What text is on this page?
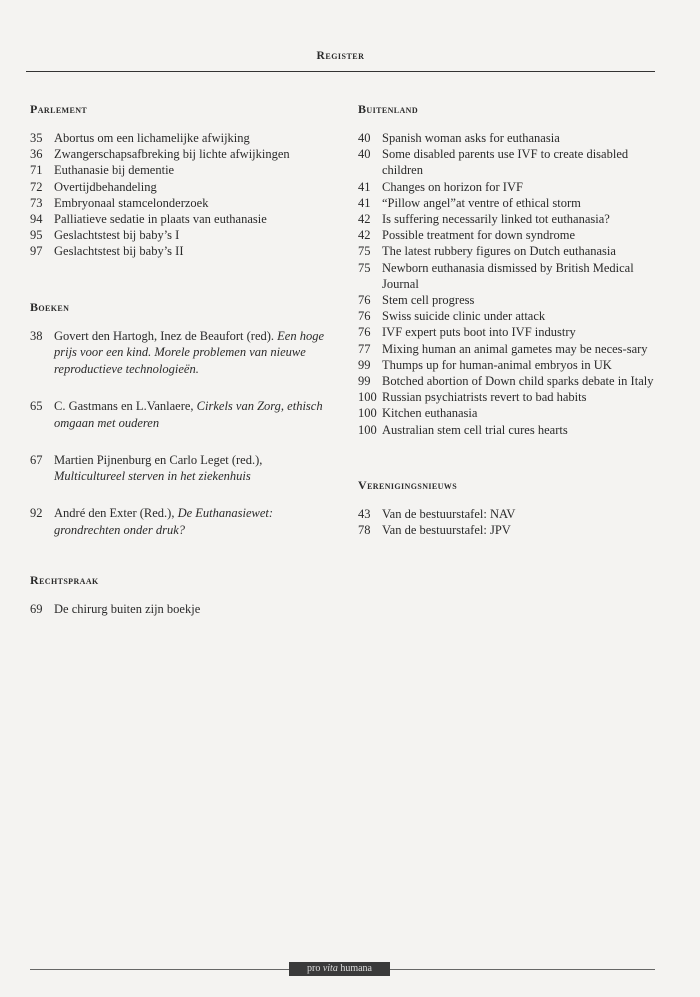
Register
Parlement
35 Abortus om een lichamelijke afwijking
36 Zwangerschapsafbreking bij lichte afwijkingen
71 Euthanasie bij dementie
72 Overtijdbehandeling
73 Embryonaal stamcelonderzoek
94 Palliatieve sedatie in plaats van euthanasie
95 Geslachtstest bij baby’s I
97 Geslachtstest bij baby’s II
Boeken
38 Govert den Hartogh, Inez de Beaufort (red). Een hoge prijs voor een kind. Morele problemen van nieuwe reproductieve technologieën.
65 C. Gastmans en L.Vanlaere, Cirkels van Zorg, ethisch omgaan met ouderen
67 Martien Pijnenburg en Carlo Leget (red.), Multicultureel sterven in het ziekenhuis
92 André den Exter (Red.), De Euthanasiewet: grondrechten onder druk?
Rechtspraak
69 De chirurg buiten zijn boekje
Buitenland
40 Spanish woman asks for euthanasia
40 Some disabled parents use IVF to create disabled children
41 Changes on horizon for IVF
41 “Pillow angel”at ventre of ethical storm
42 Is suffering necessarily linked tot euthanasia?
42 Possible treatment for down syndrome
75 The latest rubbery figures on Dutch euthanasia
75 Newborn euthanasia dismissed by British Medical Journal
76 Stem cell progress
76 Swiss suicide clinic under attack
76 IVF expert puts boot into IVF industry
77 Mixing human an animal gametes may be neces-sary
99 Thumps up for human-animal embryos in UK
99 Botched abortion of Down child sparks debate in Italy
100 Russian psychiatrists revert to bad habits
100 Kitchen euthanasia
100 Australian stem cell trial cures hearts
Verenigingsnieuws
43 Van de bestuurstafel: NAV
78 Van de bestuurstafel: JPV
pro vita humana
